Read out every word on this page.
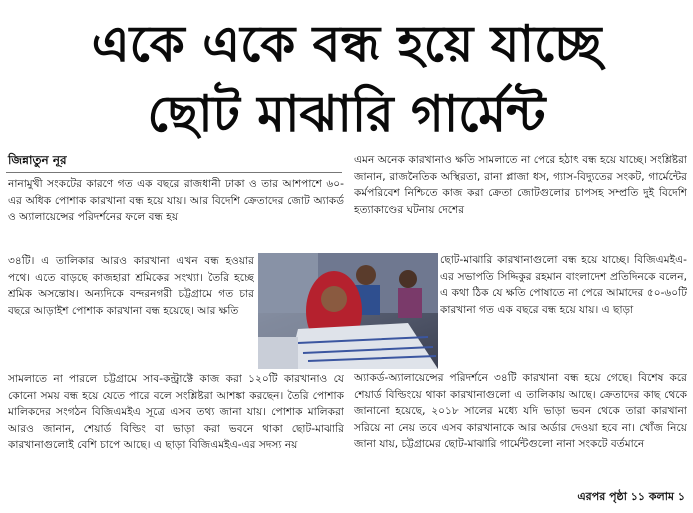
একে একে বন্ধ হয়ে যাচ্ছে
ছোট মাঝারি গার্মেন্ট
জিন্নাতুন নূর

নানামুখী সংকটের কারণে গত এক বছরে রাজধানী ঢাকা ও তার আশপাশে ৬০-এর অধিক পোশাক কারখানা বন্ধ হয়ে যায়। আর বিদেশি ক্রেতাদের জোট অ্যাকর্ড ও অ্যালায়েন্সের পরিদর্শনের ফলে বন্ধ হয়

৩৪টি। এ তালিকার আরও কারখানা এখন বন্ধ হওয়ার পথে। এতে বাড়ছে কাজহারা শ্রমিকের সংখ্যা। তৈরি হচ্ছে শ্রমিক অসন্তোষ। অন্যদিকে বন্দরনগরী চট্টগ্রামে গত চার বছরে আড়াইশ পোশাক কারখানা বন্ধ হয়েছে। আর ক্ষতি

সামলাতে না পারলে চট্টগ্রামে সাব-কন্ট্রাক্টে কাজ করা ১২০টি কারখানাও যে কোনো সময় বন্ধ হয়ে যেতে পারে বলে সংশ্লিষ্টরা আশঙ্কা করছেন। তৈরি পোশাক মালিকদের সংগঠন বিজিএমইএ সূত্রে এসব তথ্য জানা যায়। পোশাক মালিকরা আরও জানান, শেয়ার্ড বিল্ডিং বা ভাড়া করা ভবনে থাকা ছোট-মাঝারি কারখানাগুলোই বেশি চাপে আছে। এ ছাড়া বিজিএমইএ-এর সদস্য নয়

এমন অনেক কারখানাও ক্ষতি সামলাতে না পেরে হঠাৎ বন্ধ হয়ে যাচ্ছে। সংশ্লিষ্টরা জানান, রাজনৈতিক অস্থিরতা, রানা প্লাজা ধস, গ্যাস-বিদ্যুতের সংকট, গার্মেন্টের কর্মপরিবেশ নিশ্চিতে কাজ করা ক্রেতা জোটগুলোর চাপসহ সম্প্রতি দুই বিদেশি হত্যাকাণ্ডের ঘটনায় দেশের

ছোট-মাঝারি কারখানাগুলো বন্ধ হয়ে যাচ্ছে। বিজিএমইএ-এর সভাপতি সিদ্দিকুর রহমান বাংলাদেশ প্রতিদিনকে বলেন, এ কথা ঠিক যে ক্ষতি পোষাতে না পেরে আমাদের ৫০-৬০টি কারখানা গত এক বছরে বন্ধ হয়ে যায়। এ ছাড়া

অ্যাকর্ড-অ্যালায়েন্সের পরিদর্শনে ৩৪টি কারখানা বন্ধ হয়ে গেছে। বিশেষ করে শেয়ার্ড বিল্ডিংয়ে থাকা কারখানাগুলো এ তালিকায় আছে। ক্রেতাদের কাছ থেকে জানানো হয়েছে, ২০১৮ সালের মধ্যে যদি ভাড়া ভবন থেকে তারা কারখানা সরিয়ে না নেয় তবে এসব কারখানাকে আর অর্ডার দেওয়া হবে না। খোঁজ নিয়ে জানা যায়, চট্টগ্রামের ছোট-মাঝারি গার্মেন্টগুলো নানা সংকটে বর্তমানে

এরপর পৃষ্ঠা ১১ কলাম ১
